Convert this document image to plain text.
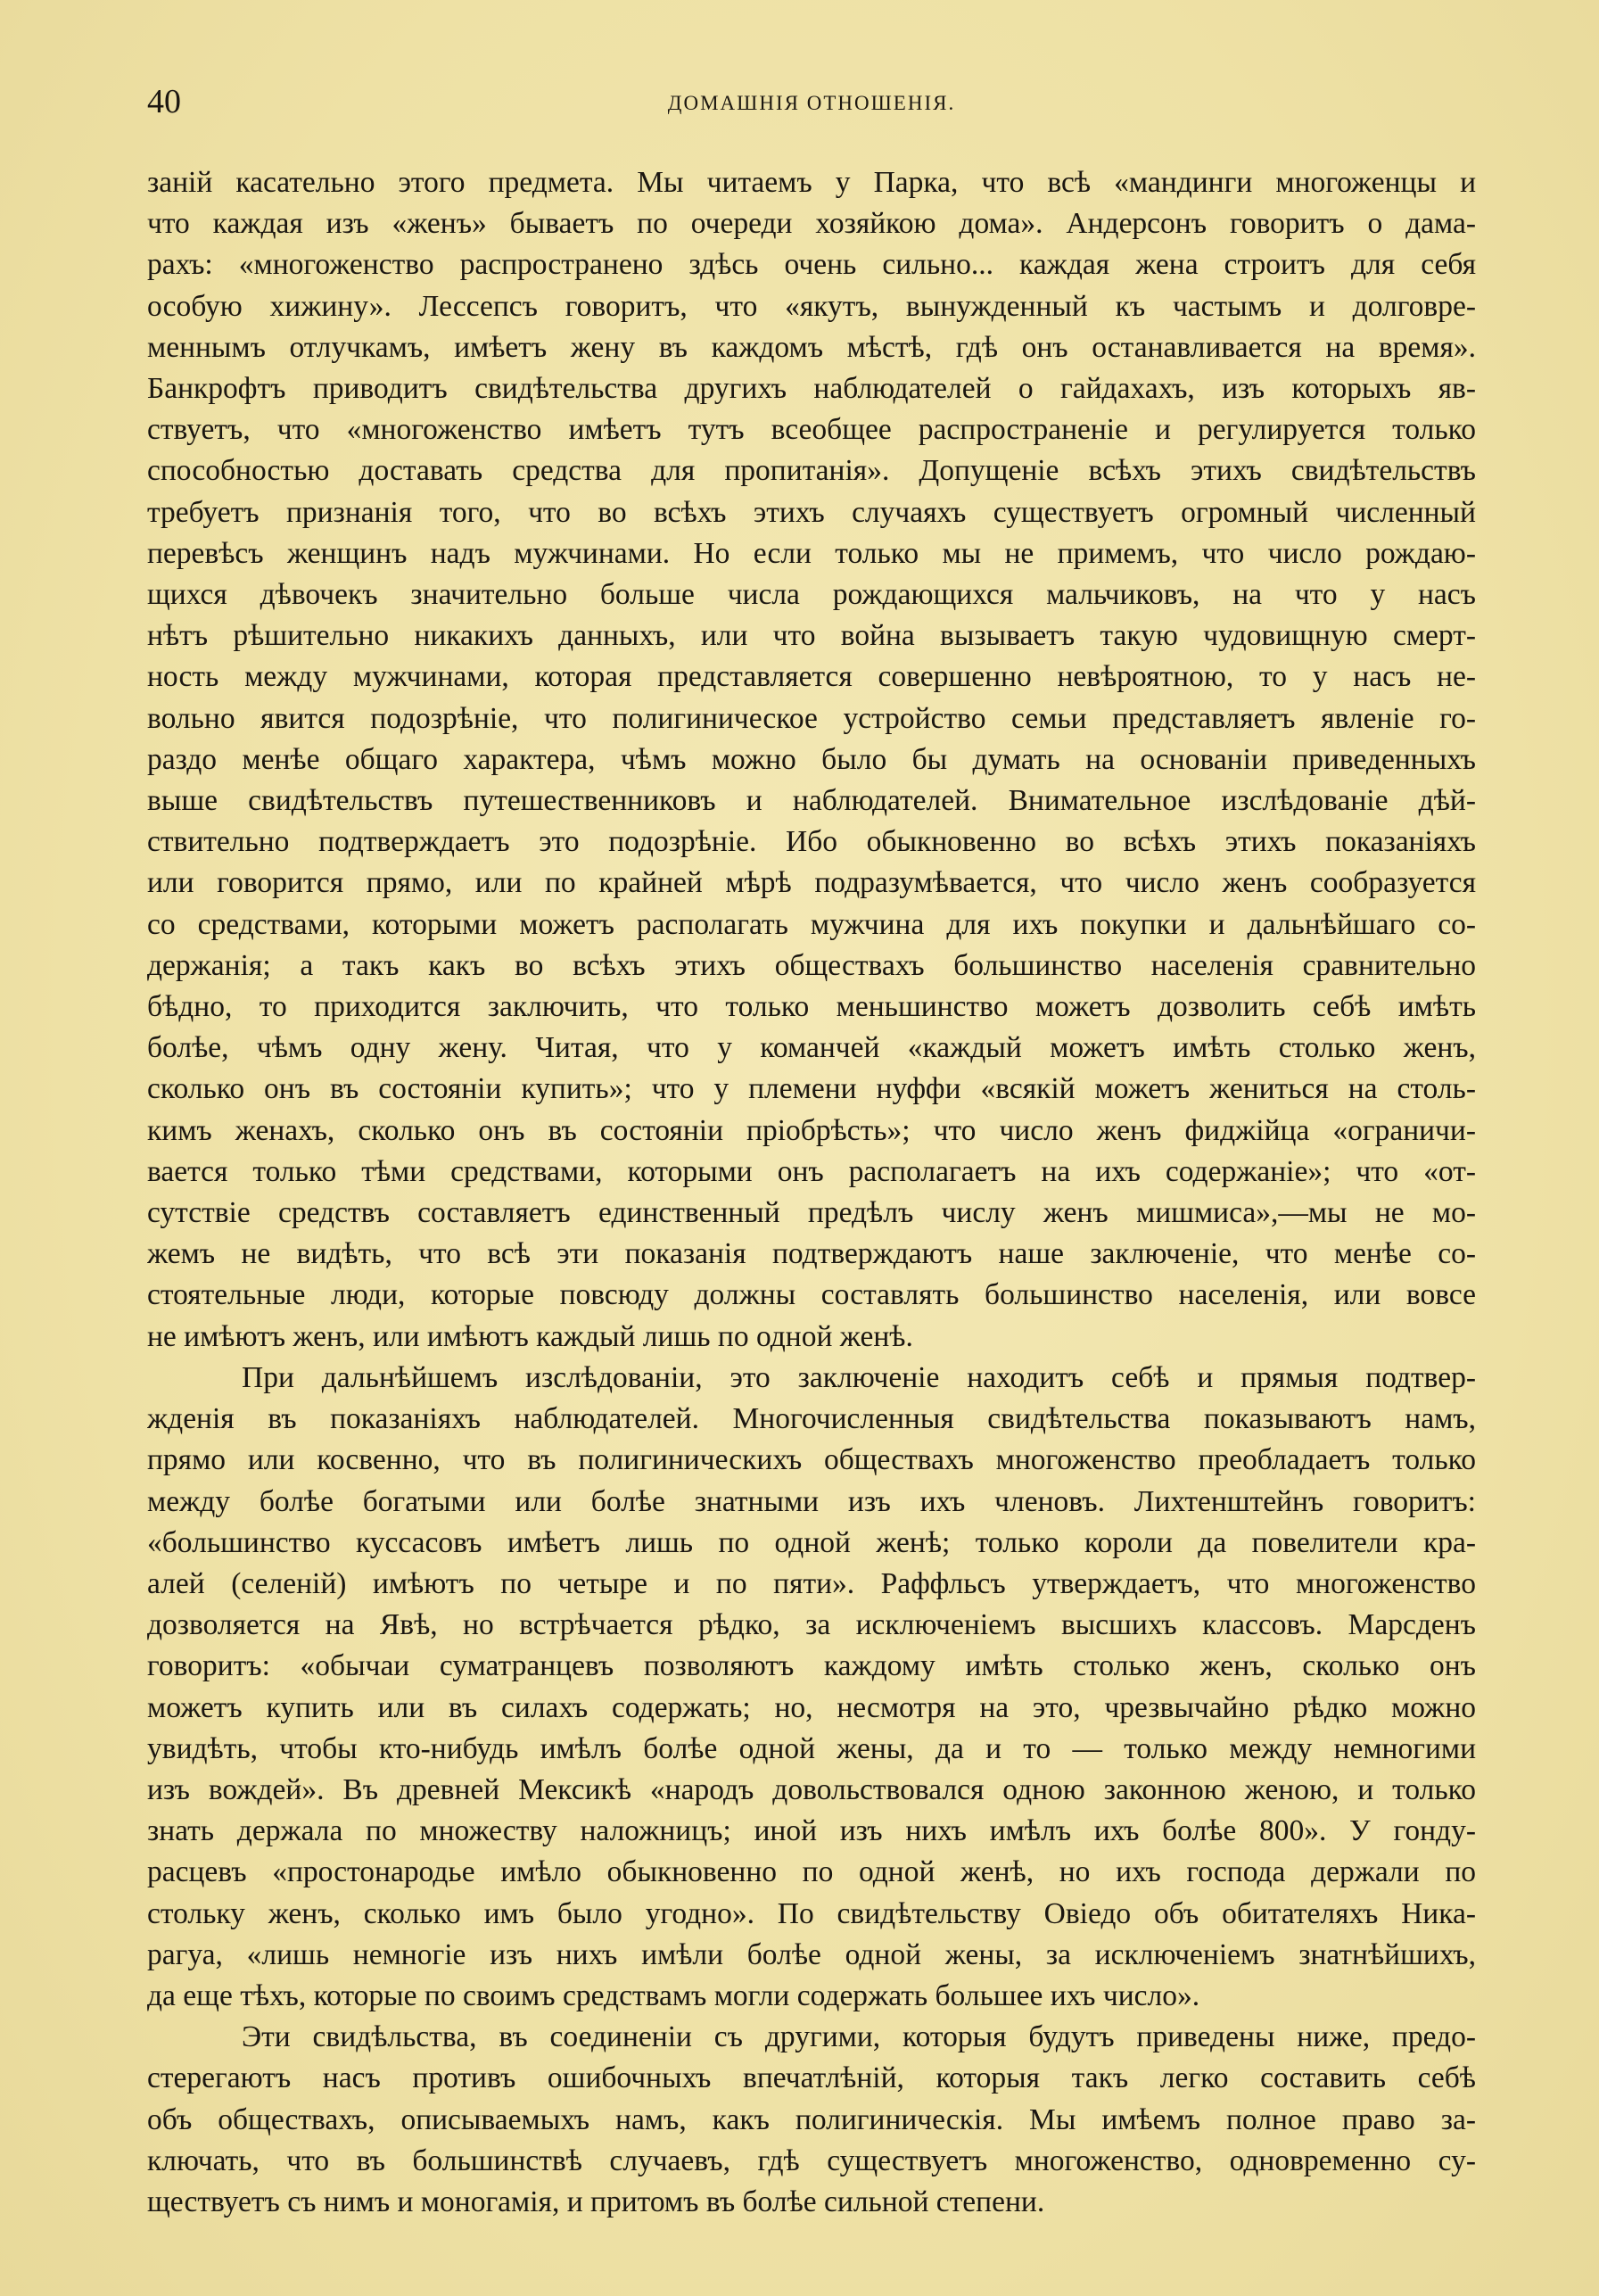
40	ДОМАШНІЯ ОТНОШЕНІЯ.

заній касательно этого предмета. Мы читаемъ у Парка, что всѣ «мандинги многоженцы и
что каждая изъ «женъ» бываетъ по очереди хозяйкою дома». Андерсонъ говоритъ о дама-
рахъ: «многоженство распространено здѣсь очень сильно... каждая жена строитъ для себя
особую хижину». Лессепсъ говоритъ, что «якутъ, вынужденный къ частымъ и долговре-
меннымъ отлучкамъ, имѣетъ жену въ каждомъ мѣстѣ, гдѣ онъ останавливается на время».
Банкрофтъ приводитъ свидѣтельства другихъ наблюдателей о гайдахахъ, изъ которыхъ яв-
ствуетъ, что «многоженство имѣетъ тутъ всеобщее распространеніе и регулируется только
способностью доставать средства для пропитанія». Допущеніе всѣхъ этихъ свидѣтельствъ
требуетъ признанія того, что во всѣхъ этихъ случаяхъ существуетъ огромный численный
перевѣсъ женщинъ надъ мужчинами. Но если только мы не примемъ, что число рождаю-
щихся дѣвочекъ значительно больше числа рождающихся мальчиковъ, на что у насъ
нѣтъ рѣшительно никакихъ данныхъ, или что война вызываетъ такую чудовищную смерт-
ность между мужчинами, которая представляется совершенно невѣроятною, то у насъ не-
вольно явится подозрѣніе, что полигиническое устройство семьи представляетъ явленіе го-
раздо менѣе общаго характера, чѣмъ можно было бы думать на основаніи приведенныхъ
выше свидѣтельствъ путешественниковъ и наблюдателей. Внимательное изслѣдованіе дѣй-
ствительно подтверждаетъ это подозрѣніе. Ибо обыкновенно во всѣхъ этихъ показаніяхъ
или говорится прямо, или по крайней мѣрѣ подразумѣвается, что число женъ сообразуется
со средствами, которыми можетъ располагать мужчина для ихъ покупки и дальнѣйшаго со-
держанія; а такъ какъ во всѣхъ этихъ обществахъ большинство населенія сравнительно
бѣдно, то приходится заключить, что только меньшинство можетъ дозволить себѣ имѣть
болѣе, чѣмъ одну жену. Читая, что у команчей «каждый можетъ имѣть столько женъ,
сколько онъ въ состояніи купить»; что у племени нуффи «всякій можетъ жениться на столь-
кимъ женахъ, сколько онъ въ состояніи пріобрѣсть»; что число женъ фиджійца «ограничи-
вается только тѣми средствами, которыми онъ располагаетъ на ихъ содержаніе»; что «от-
сутствіе средствъ составляетъ единственный предѣлъ числу женъ мишмиса»,—мы не мо-
жемъ не видѣть, что всѣ эти показанія подтверждаютъ наше заключеніе, что менѣе со-
стоятельные люди, которые повсюду должны составлять большинство населенія, или вовсе
не имѣютъ женъ, или имѣютъ каждый лишь по одной женѣ.

При дальнѣйшемъ изслѣдованіи, это заключеніе находитъ себѣ и прямыя подтвер-
жденія въ показаніяхъ наблюдателей. Многочисленныя свидѣтельства показываютъ намъ,
прямо или косвенно, что въ полигиническихъ обществахъ многоженство преобладаетъ только
между болѣе богатыми или болѣе знатными изъ ихъ членовъ. Лихтенштейнъ говоритъ:
«большинство куссасовъ имѣетъ лишь по одной женѣ; только короли да повелители кра-
алей (селеній) имѣютъ по четыре и по пяти». Раффльсъ утверждаетъ, что многоженство
дозволяется на Явѣ, но встрѣчается рѣдко, за исключеніемъ высшихъ классовъ. Марсденъ
говоритъ: «обычаи суматранцевъ позволяютъ каждому имѣть столько женъ, сколько онъ
можетъ купить или въ силахъ содержать; но, несмотря на это, чрезвычайно рѣдко можно
увидѣть, чтобы кто-нибудь имѣлъ болѣе одной жены, да и то — только между немногими
изъ вождей». Въ древней Мексикѣ «народъ довольствовался одною законною женою, и только
знать держала по множеству наложницъ; иной изъ нихъ имѣлъ ихъ болѣе 800». У гонду-
расцевъ «простонародье имѣло обыкновенно по одной женѣ, но ихъ господа держали по
стольку женъ, сколько имъ было угодно». По свидѣтельству Овіедо объ обитателяхъ Ника-
рагуа, «лишь немногіе изъ нихъ имѣли болѣе одной жены, за исключеніемъ знатнѣйшихъ,
да еще тѣхъ, которые по своимъ средствамъ могли содержать большее ихъ число».

Эти свидѣльства, въ соединеніи съ другими, которыя будутъ приведены ниже, предо-
стерегаютъ насъ противъ ошибочныхъ впечатлѣній, которыя такъ легко составить себѣ
объ обществахъ, описываемыхъ намъ, какъ полигиническія. Мы имѣемъ полное право за-
ключать, что въ большинствѣ случаевъ, гдѣ существуетъ многоженство, одновременно су-
ществуетъ съ нимъ и моногамія, и притомъ въ болѣе сильной степени.
